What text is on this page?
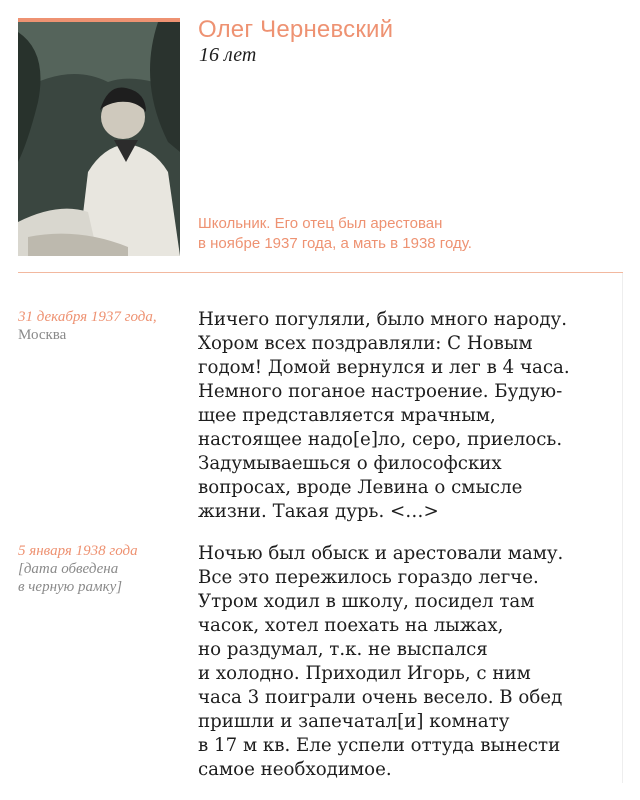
Олег Черневский
16 лет
Школьник. Его отец был арестован
в ноябре 1937 года, а мать в 1938 году.
31 декабря 1937 года,
Москва
Ничего погуляли, было много народу.
Хором всех поздравляли: С Новым
годом! Домой вернулся и лег в 4 часа.
Немного поганое настроение. Будую-
щее представляется мрачным,
настоящее надо[е]ло, серо, приелось.
Задумываешься о философских
вопросах, вроде Левина о смысле
жизни. Такая дурь. <…>
5 января 1938 года
[дата обведена
в черную рамку]
Ночью был обыск и арестовали маму.
Все это пережилось гораздо легче.
Утром ходил в школу, посидел там
часок, хотел поехать на лыжах,
но раздумал, т.к. не выспался
и холодно. Приходил Игорь, с ним
часа 3 поиграли очень весело. В обед
пришли и запечатал[и] комнату
в 17 м кв. Еле успели оттуда вынести
самое необходимое.
